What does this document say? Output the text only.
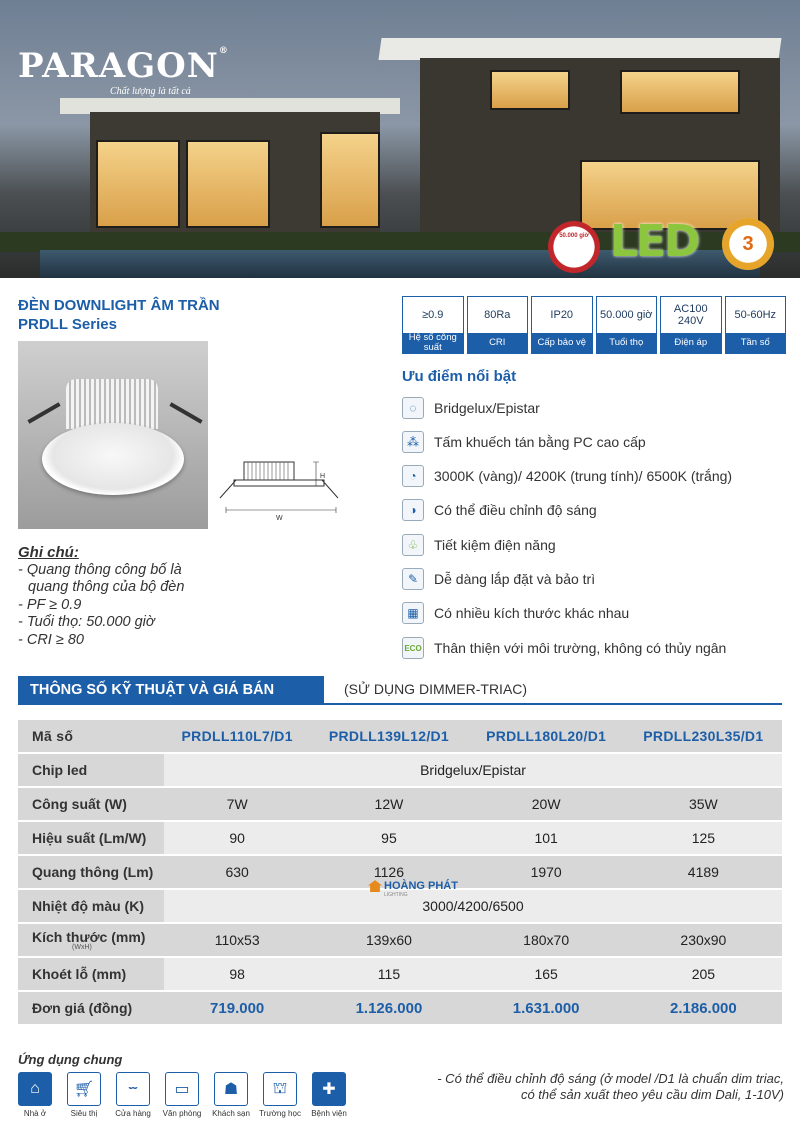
PARAGON®
Chất lượng là tất cả
50.000 giờ LED	3
ĐÈN DOWNLIGHT ÂM TRẦN
PRDLL Series
≥0.9
Hệ số công suất
80Ra
CRI
IP20
Cấp bảo vệ
50.000 giờ
Tuổi thọ
AC100 240V
Điện áp
50-60Hz
Tần số
H
W
Ghi chú:
- Quang thông công bố là
quang thông của bộ đèn
- PF ≥ 0.9
- Tuổi thọ: 50.000 giờ
- CRI ≥ 80
Ưu điểm nổi bật
◌	Bridgelux/Epistar
⁂	Tấm khuếch tán bằng PC cao cấp
◔	3000K (vàng)/ 4200K (trung tính)/ 6500K (trắng)
◑	Có thể điều chỉnh độ sáng
♧	Tiết kiệm điện năng
✎	Dễ dàng lắp đặt và bảo trì
▦	Có nhiều kích thước khác nhau
ECO Thân thiện với môi trường, không có thủy ngân
THÔNG SỐ KỸ THUẬT VÀ GIÁ BÁN	(SỬ DỤNG DIMMER-TRIAC)
Mã số	PRDLL110L7/D1	PRDLL139L12/D1	PRDLL180L20/D1	PRDLL230L35/D1
Chip led	Bridgelux/Epistar			
Công suất (W)	7W	12W	20W	35W
Hiệu suất (Lm/W)	90	95	101	125
Quang thông (Lm)	630	1126	1970	4189
Nhiệt độ màu (K)	3000/4200/6500			
Kích thước (mm)
(WxH)	110x53	139x60	180x70	230x90
Khoét lỗ (mm)	98	115	165	205
Đơn giá (đồng)	719.000	1.126.000	1.631.000	2.186.000
HOÀNG PHÁT
LIGHTING
Ứng dụng chung
⌂
Nhà ở
🛒︎
Siêu thị
⏖
Cửa hàng
▭
Văn phòng
☗
Khách sạn
⛫
Trường học
✚
Bệnh viện
- Có thể điều chỉnh độ sáng (ở model /D1 là chuẩn dim triac,
có thể sản xuất theo yêu cầu dim Dali, 1-10V)
